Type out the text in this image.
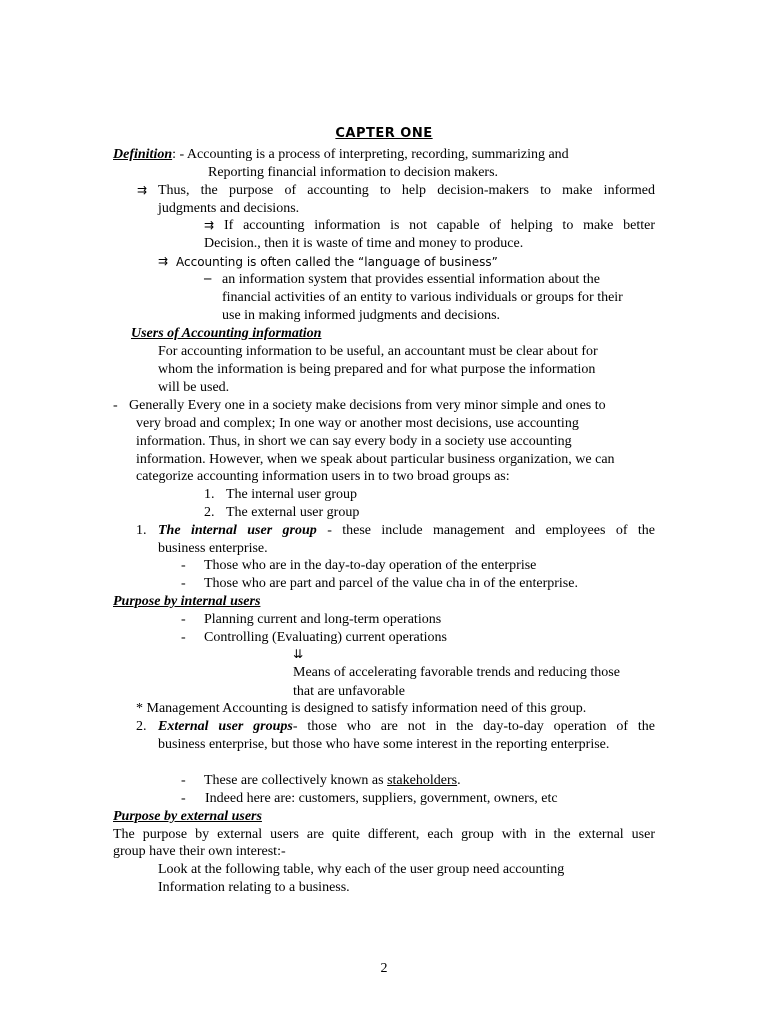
CAPTER ONE
Definition: - Accounting is a process of interpreting, recording, summarizing and
Reporting financial information to decision makers.
⇉ Thus, the purpose of accounting to help decision-makers to make informed
judgments and decisions.
⇉ If accounting information is not capable of helping to make better
Decision., then it is waste of time and money to produce.
⇉ Accounting is often called the “language of business”
─ an information system that provides essential information about the
financial activities of an entity to various individuals or groups for their
use in making informed judgments and decisions.
Users of Accounting information
For accounting information to be useful, an accountant must be clear about for
whom the information is being prepared and for what purpose the information
will be used.
- Generally Every one in a society make decisions from very minor simple and ones to
very broad and complex; In one way or another most decisions, use accounting
information. Thus, in short we can say every body in a society use accounting
information. However, when we speak about particular business organization, we can
categorize accounting information users in to two broad groups as:
1. The internal user group
2. The external user group
1. The internal user group - these include management and employees of the
business enterprise.
- Those who are in the day-to-day operation of the enterprise
- Those who are part and parcel of the value cha in of the enterprise.
Purpose by internal users
- Planning current and long-term operations
- Controlling (Evaluating) current operations
⇊
Means of accelerating favorable trends and reducing those
that are unfavorable
* Management Accounting is designed to satisfy information need of this group.
2. External user groups- those who are not in the day-to-day operation of the
business enterprise, but those who have some interest in the reporting enterprise.
- These are collectively known as stakeholders.
- Indeed here are: customers, suppliers, government, owners, etc
Purpose by external users
The purpose by external users are quite different, each group with in the external user
group have their own interest:-
Look at the following table, why each of the user group need accounting
Information relating to a business.
2
